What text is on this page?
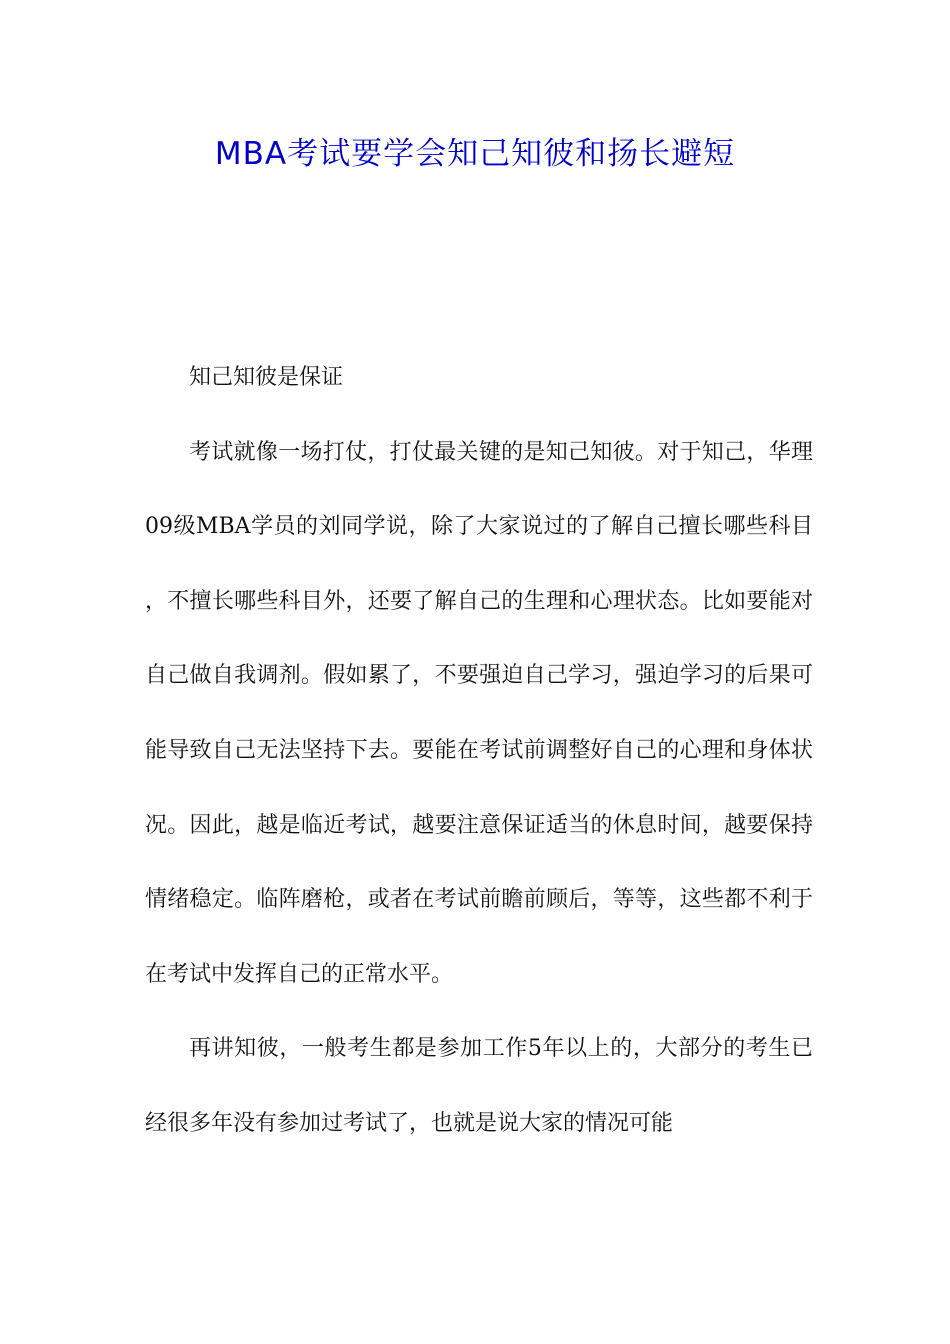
MBA考试要学会知己知彼和扬长避短

知己知彼是保证

考试就像一场打仗，打仗最关键的是知己知彼。对于知己，华理09级MBA学员的刘同学说，除了大家说过的了解自己擅长哪些科目，不擅长哪些科目外，还要了解自己的生理和心理状态。比如要能对自己做自我调剂。假如累了，不要强迫自己学习，强迫学习的后果可能导致自己无法坚持下去。要能在考试前调整好自己的心理和身体状况。因此，越是临近考试，越要注意保证适当的休息时间，越要保持情绪稳定。临阵磨枪，或者在考试前瞻前顾后，等等，这些都不利于在考试中发挥自己的正常水平。

再讲知彼，一般考生都是参加工作5年以上的，大部分的考生已经很多年没有参加过考试了，也就是说大家的情况可能
